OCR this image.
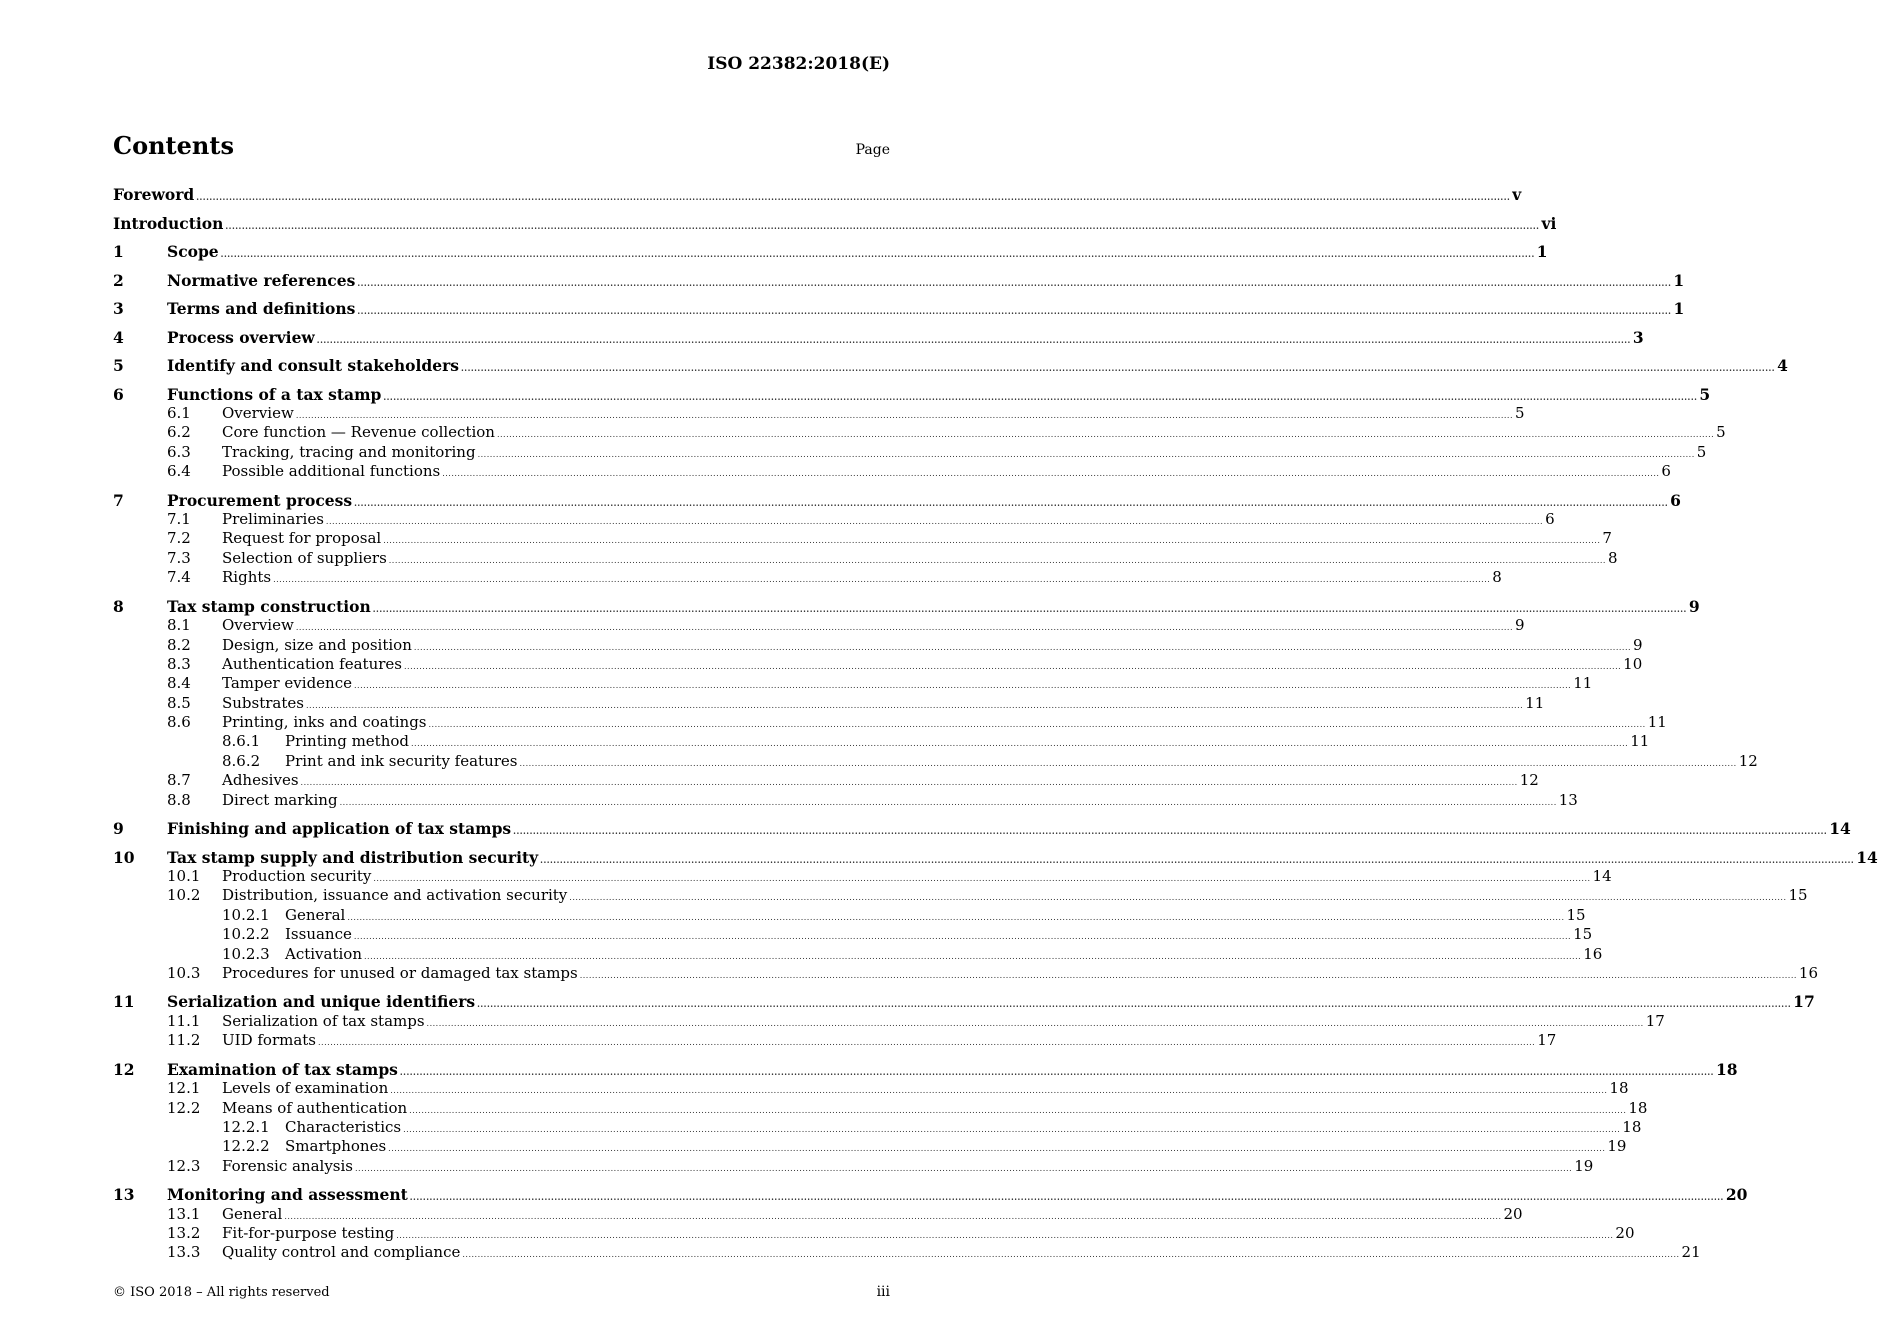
ISO 22382:2018(E)
Contents	Page
Foreword ................................................................................................................................................................................................................................................................................................................................................................................................................ v
Introduction ................................................................................................................................................................................................................................................................................................................................................................................................................ vi
1	Scope ................................................................................................................................................................................................................................................................................................................................................................................................................ 1
2	Normative references ................................................................................................................................................................................................................................................................................................................................................................................................................ 1
3	Terms and definitions ................................................................................................................................................................................................................................................................................................................................................................................................................ 1
4	Process overview ................................................................................................................................................................................................................................................................................................................................................................................................................ 3
5	Identify and consult stakeholders ................................................................................................................................................................................................................................................................................................................................................................................................................ 4
6	Functions of a tax stamp ................................................................................................................................................................................................................................................................................................................................................................................................................ 5
6.1	Overview ................................................................................................................................................................................................................................................................................................................................................................................................................ 5
6.2	Core function — Revenue collection ................................................................................................................................................................................................................................................................................................................................................................................................................ 5
6.3	Tracking, tracing and monitoring ................................................................................................................................................................................................................................................................................................................................................................................................................ 5
6.4	Possible additional functions ................................................................................................................................................................................................................................................................................................................................................................................................................ 6
7	Procurement process ................................................................................................................................................................................................................................................................................................................................................................................................................ 6
7.1	Preliminaries ................................................................................................................................................................................................................................................................................................................................................................................................................ 6
7.2	Request for proposal ................................................................................................................................................................................................................................................................................................................................................................................................................ 7
7.3	Selection of suppliers ................................................................................................................................................................................................................................................................................................................................................................................................................ 8
7.4	Rights ................................................................................................................................................................................................................................................................................................................................................................................................................ 8
8	Tax stamp construction ................................................................................................................................................................................................................................................................................................................................................................................................................ 9
8.1	Overview ................................................................................................................................................................................................................................................................................................................................................................................................................ 9
8.2	Design, size and position ................................................................................................................................................................................................................................................................................................................................................................................................................ 9
8.3	Authentication features ................................................................................................................................................................................................................................................................................................................................................................................................................ 10
8.4	Tamper evidence ................................................................................................................................................................................................................................................................................................................................................................................................................ 11
8.5	Substrates ................................................................................................................................................................................................................................................................................................................................................................................................................ 11
8.6	Printing, inks and coatings ................................................................................................................................................................................................................................................................................................................................................................................................................ 11
8.6.1	Printing method ................................................................................................................................................................................................................................................................................................................................................................................................................ 11
8.6.2	Print and ink security features ................................................................................................................................................................................................................................................................................................................................................................................................................ 12
8.7	Adhesives ................................................................................................................................................................................................................................................................................................................................................................................................................ 12
8.8	Direct marking ................................................................................................................................................................................................................................................................................................................................................................................................................ 13
9	Finishing and application of tax stamps ................................................................................................................................................................................................................................................................................................................................................................................................................ 14
10	Tax stamp supply and distribution security ................................................................................................................................................................................................................................................................................................................................................................................................................ 14
10.1	Production security ................................................................................................................................................................................................................................................................................................................................................................................................................ 14
10.2	Distribution, issuance and activation security ................................................................................................................................................................................................................................................................................................................................................................................................................ 15
10.2.1	General ................................................................................................................................................................................................................................................................................................................................................................................................................ 15
10.2.2	Issuance ................................................................................................................................................................................................................................................................................................................................................................................................................ 15
10.2.3	Activation ................................................................................................................................................................................................................................................................................................................................................................................................................ 16
10.3	Procedures for unused or damaged tax stamps ................................................................................................................................................................................................................................................................................................................................................................................................................ 16
11	Serialization and unique identifiers ................................................................................................................................................................................................................................................................................................................................................................................................................ 17
11.1	Serialization of tax stamps ................................................................................................................................................................................................................................................................................................................................................................................................................ 17
11.2	UID formats ................................................................................................................................................................................................................................................................................................................................................................................................................ 17
12	Examination of tax stamps ................................................................................................................................................................................................................................................................................................................................................................................................................ 18
12.1	Levels of examination ................................................................................................................................................................................................................................................................................................................................................................................................................ 18
12.2	Means of authentication ................................................................................................................................................................................................................................................................................................................................................................................................................ 18
12.2.1	Characteristics ................................................................................................................................................................................................................................................................................................................................................................................................................ 18
12.2.2	Smartphones ................................................................................................................................................................................................................................................................................................................................................................................................................ 19
12.3	Forensic analysis ................................................................................................................................................................................................................................................................................................................................................................................................................ 19
13	Monitoring and assessment ................................................................................................................................................................................................................................................................................................................................................................................................................ 20
13.1	General ................................................................................................................................................................................................................................................................................................................................................................................................................ 20
13.2	Fit-for-purpose testing ................................................................................................................................................................................................................................................................................................................................................................................................................ 20
13.3	Quality control and compliance ................................................................................................................................................................................................................................................................................................................................................................................................................ 21
© ISO 2018 – All rights reserved	iii
